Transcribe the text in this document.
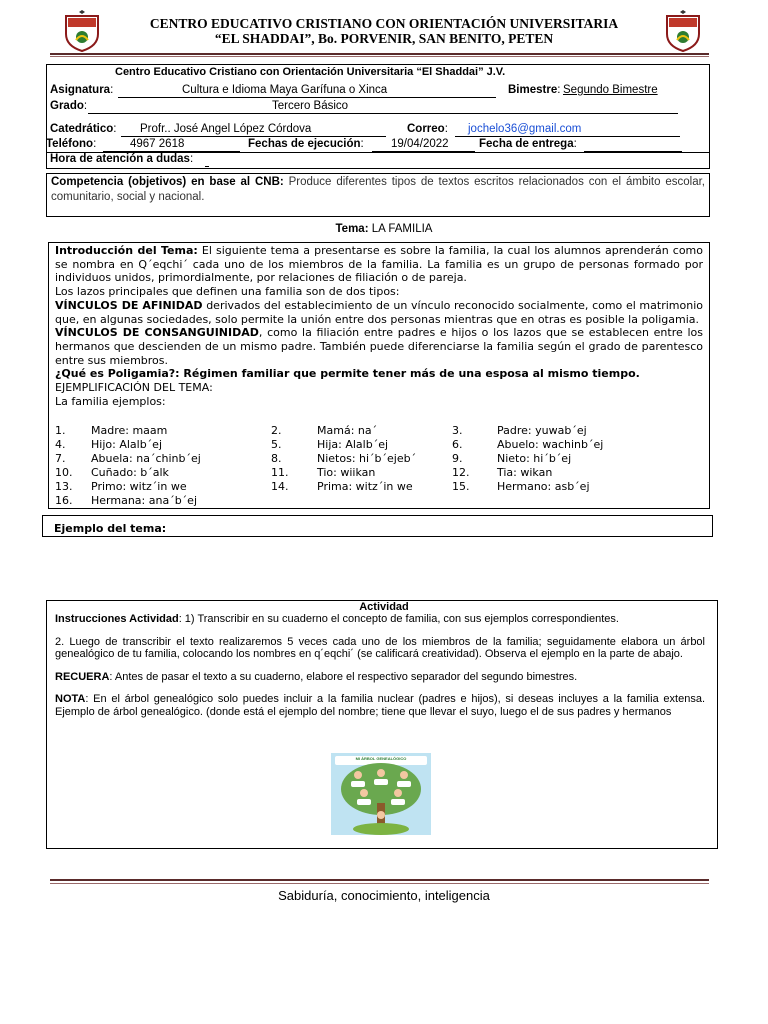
CENTRO EDUCATIVO CRISTIANO CON ORIENTACIÓN UNIVERSITARIA
“EL SHADDAI”, Bo. PORVENIR, SAN BENITO, PETEN
Centro Educativo Cristiano con Orientación Universitaria “El Shaddai” J.V.
Asignatura:	Cultura e Idioma Maya Garífuna o Xinca	Bimestre: Segundo Bimestre
Grado:	Tercero Básico
Catedrático: Profr.. José Angel López Córdova	Correo: jochelo36@gmail.com
Teléfono:	4967 2618	Fechas de ejecución: 19/04/2022	Fecha de entrega:
Hora de atención a dudas:
Competencia (objetivos) en base al CNB: Produce diferentes tipos de textos escritos relacionados con el ámbito escolar, comunitario, social y nacional.
Tema: LA FAMILIA
Introducción del Tema: El siguiente tema a presentarse es sobre la familia, la cual los alumnos aprenderán como se nombra en Q´eqchi´ cada uno de los miembros de la familia. La familia es un grupo de personas formado por individuos unidos, primordialmente, por relaciones de filiación o de pareja.
Los lazos principales que definen una familia son de dos tipos:
VÍNCULOS DE AFINIDAD derivados del establecimiento de un vínculo reconocido socialmente, como el matrimonio que, en algunas sociedades, solo permite la unión entre dos personas mientras que en otras es posible la poligamia.
VÍNCULOS DE CONSANGUINIDAD, como la filiación entre padres e hijos o los lazos que se establecen entre los hermanos que descienden de un mismo padre. También puede diferenciarse la familia según el grado de parentesco entre sus miembros.
¿Qué es Poligamia?: Régimen familiar que permite tener más de una esposa al mismo tiempo.
EJEMPLIFICACIÓN DEL TEMA:
La familia ejemplos:
1. Madre: maam	2.	Mamá: na´	3.	Padre: yuwab´ej
4. Hijo: Alalb´ej	5.	Hija: Alalb´ej	6.	Abuelo: wachinb´ej
7. Abuela: na´chinb´ej	8.	Nietos: hi´b´ejeb´	9.	Nieto: hi´b´ej
10. Cuñado: b´alk	11.	Tio: wiikan	12.	Tia: wikan
13. Primo: witz´in we	14.	Prima: witz´in we	15.	Hermano: asb´ej
16. Hermana: ana´b´ej
Ejemplo del tema:
Actividad
Instrucciones Actividad: 1) Transcribir en su cuaderno el concepto de familia, con sus ejemplos correspondientes.
2. Luego de transcribir el texto realizaremos 5 veces cada uno de los miembros de la familia; seguidamente elabora un árbol genealógico de tu familia, colocando los nombres en q´eqchi´ (se calificará creatividad). Observa el ejemplo en la parte de abajo.
RECUERA: Antes de pasar el texto a su cuaderno, elabore el respectivo separador del segundo bimestres.
NOTA: En el árbol genealógico solo puedes incluir a la familia nuclear (padres e hijos), si deseas incluyes a la familia extensa. Ejemplo de árbol genealógico. (donde está el ejemplo del nombre; tiene que llevar el suyo, luego el de sus padres y hermanos
MI ÁRBOL GENEALÓGICO
Sabiduría, conocimiento, inteligencia
